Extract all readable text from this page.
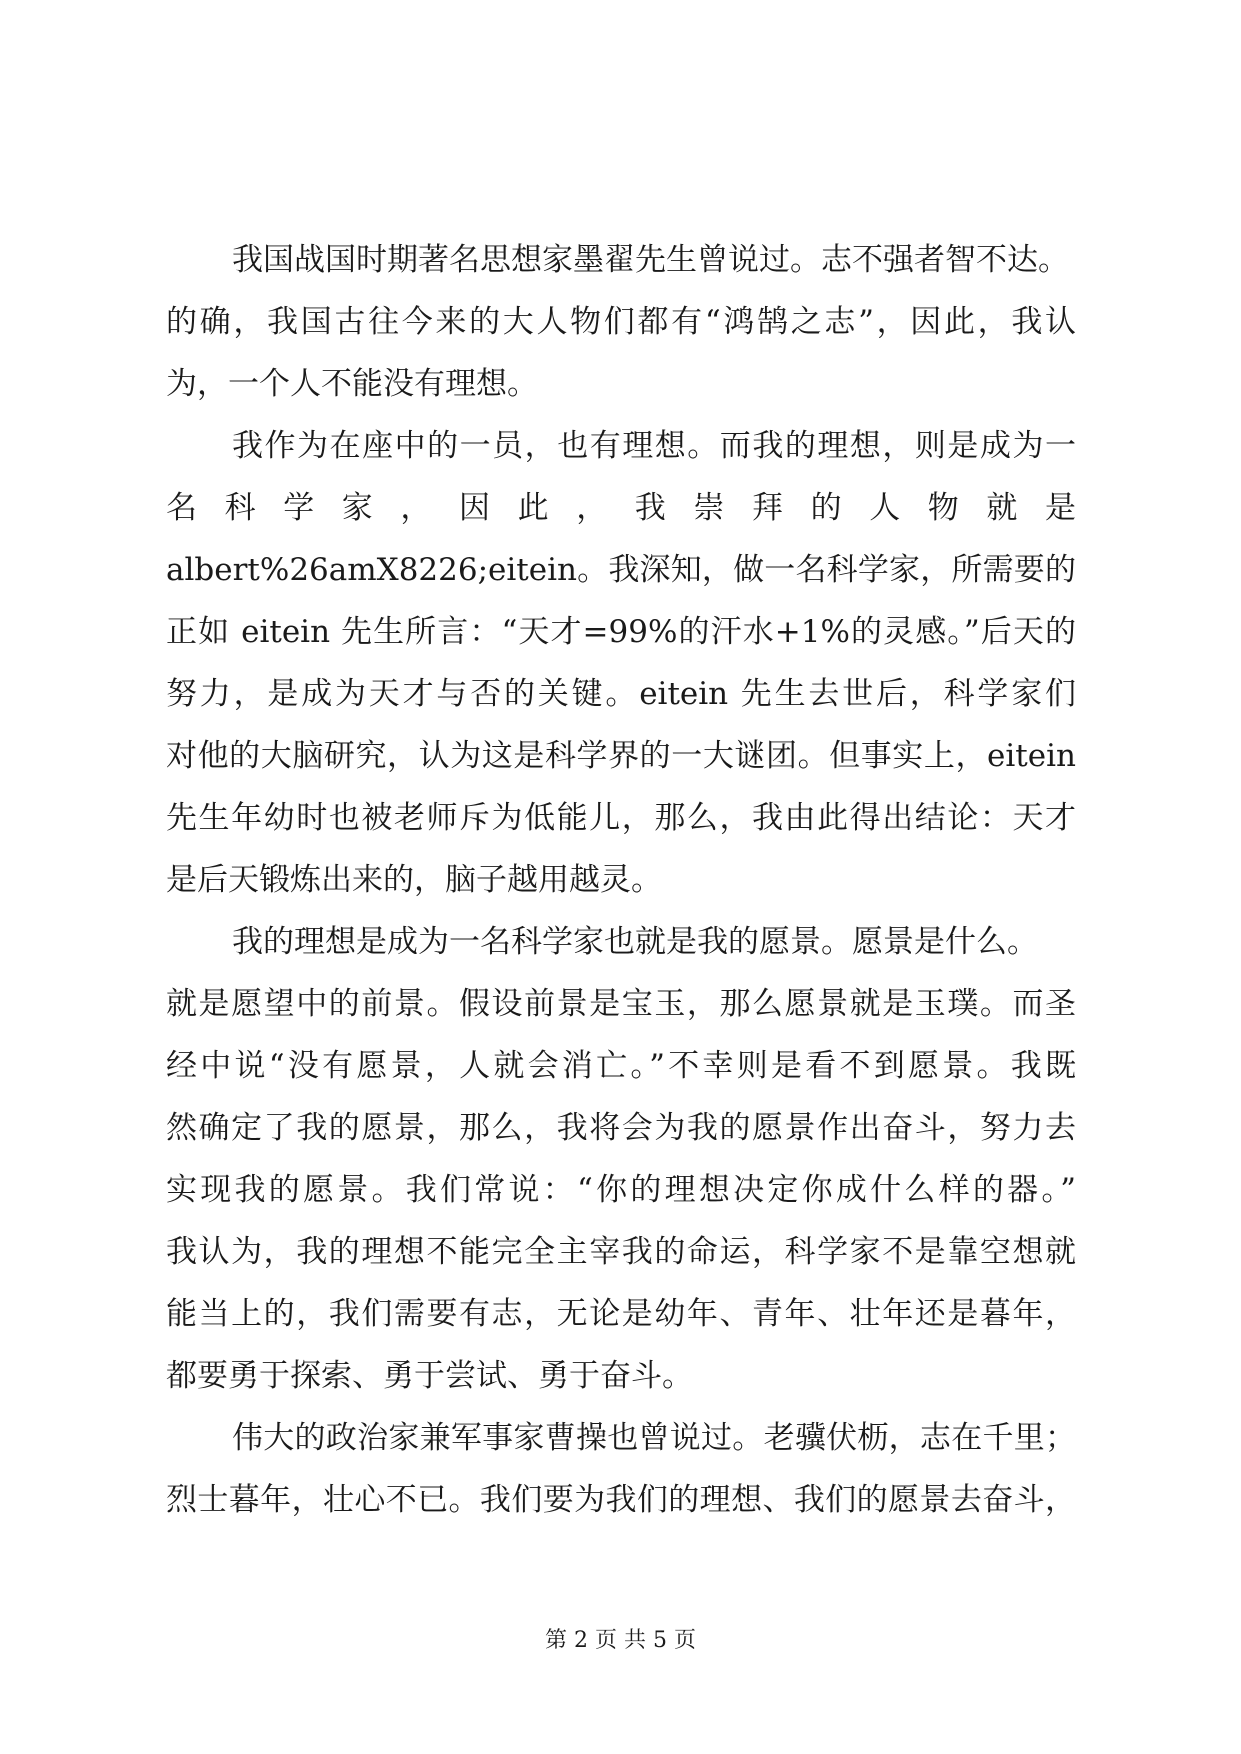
我国战国时期著名思想家墨翟先生曾说过。志不强者智不达。
的确，我国古往今来的大人物们都有“鸿鹄之志”，因此，我认
为，一个人不能没有理想。
我作为在座中的一员，也有理想。而我的理想，则是成为一
名科学家，因此，我崇拜的人物就是
albert%26amX8226;eitein。我深知，做一名科学家，所需要的
正如 eitein 先生所言：“天才=99%的汗水+1%的灵感。”后天的
努力，是成为天才与否的关键。eitein 先生去世后，科学家们
对他的大脑研究，认为这是科学界的一大谜团。但事实上，eitein
先生年幼时也被老师斥为低能儿，那么，我由此得出结论：天才
是后天锻炼出来的，脑子越用越灵。
我的理想是成为一名科学家也就是我的愿景。愿景是什么。
就是愿望中的前景。假设前景是宝玉，那么愿景就是玉璞。而圣
经中说“没有愿景，人就会消亡。”不幸则是看不到愿景。我既
然确定了我的愿景，那么，我将会为我的愿景作出奋斗，努力去
实现我的愿景。我们常说：“你的理想决定你成什么样的器。”
我认为，我的理想不能完全主宰我的命运，科学家不是靠空想就
能当上的，我们需要有志，无论是幼年、青年、壮年还是暮年，
都要勇于探索、勇于尝试、勇于奋斗。
伟大的政治家兼军事家曹操也曾说过。老骥伏枥，志在千里；
烈士暮年，壮心不已。我们要为我们的理想、我们的愿景去奋斗，
第 2 页 共 5 页
